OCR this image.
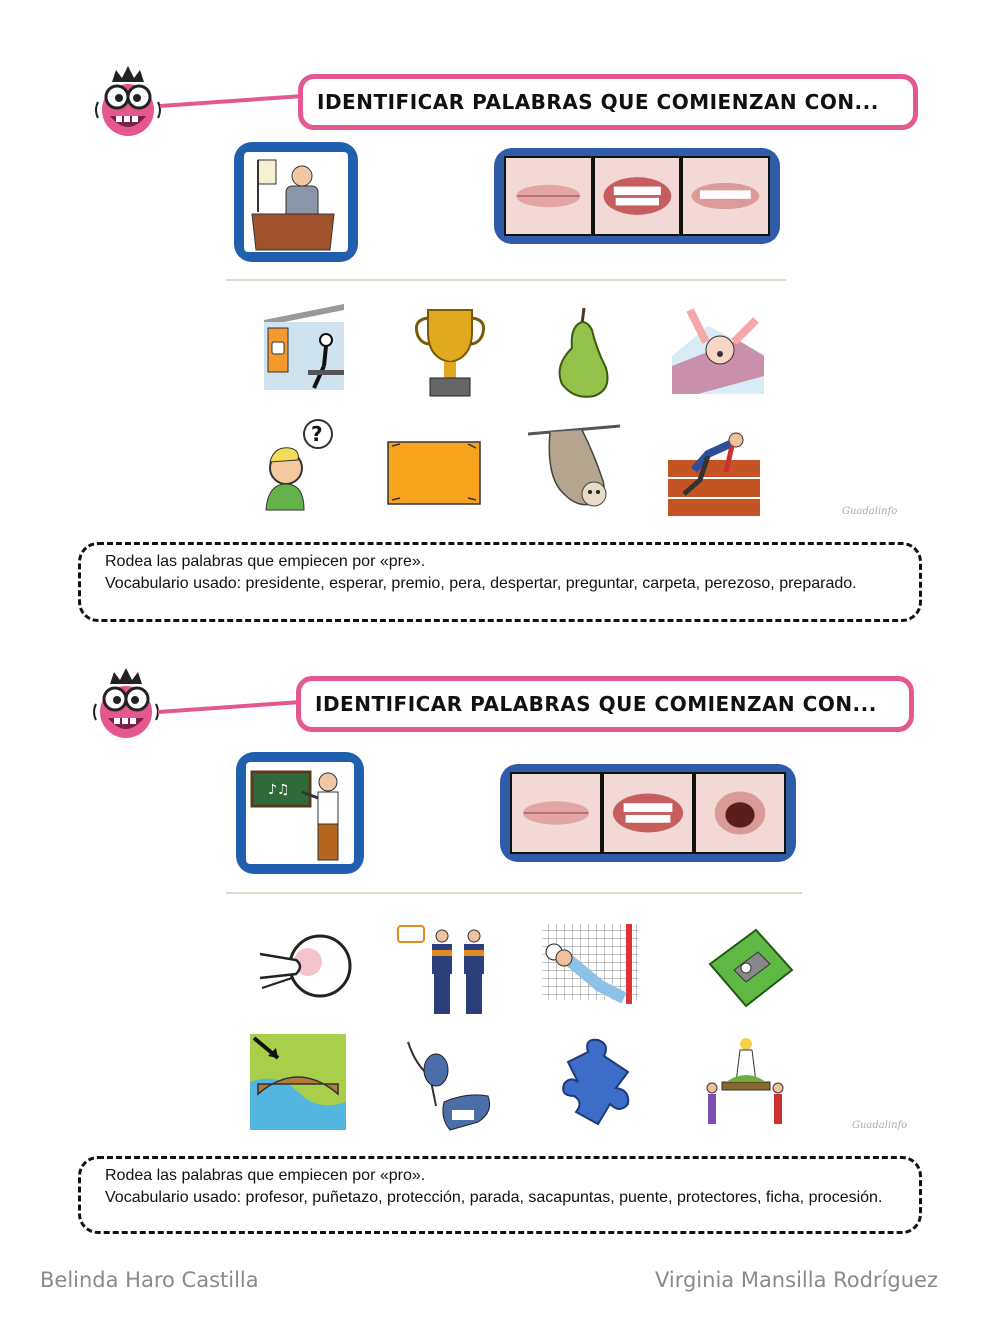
IDENTIFICAR PALABRAS QUE COMIENZAN CON...
?
Guadalinfo
Rodea las palabras que empiecen por «pre».
Vocabulario usado: presidente, esperar, premio, pera, despertar, preguntar, carpeta, perezoso, preparado.
IDENTIFICAR PALABRAS QUE COMIENZAN CON...
♪♫
Guadalinfo
Rodea las palabras que empiecen por «pro».
Vocabulario usado: profesor, puñetazo, protección, parada, sacapuntas, puente, protectores, ficha, procesión.
Belinda Haro Castilla	Virginia Mansilla Rodríguez
